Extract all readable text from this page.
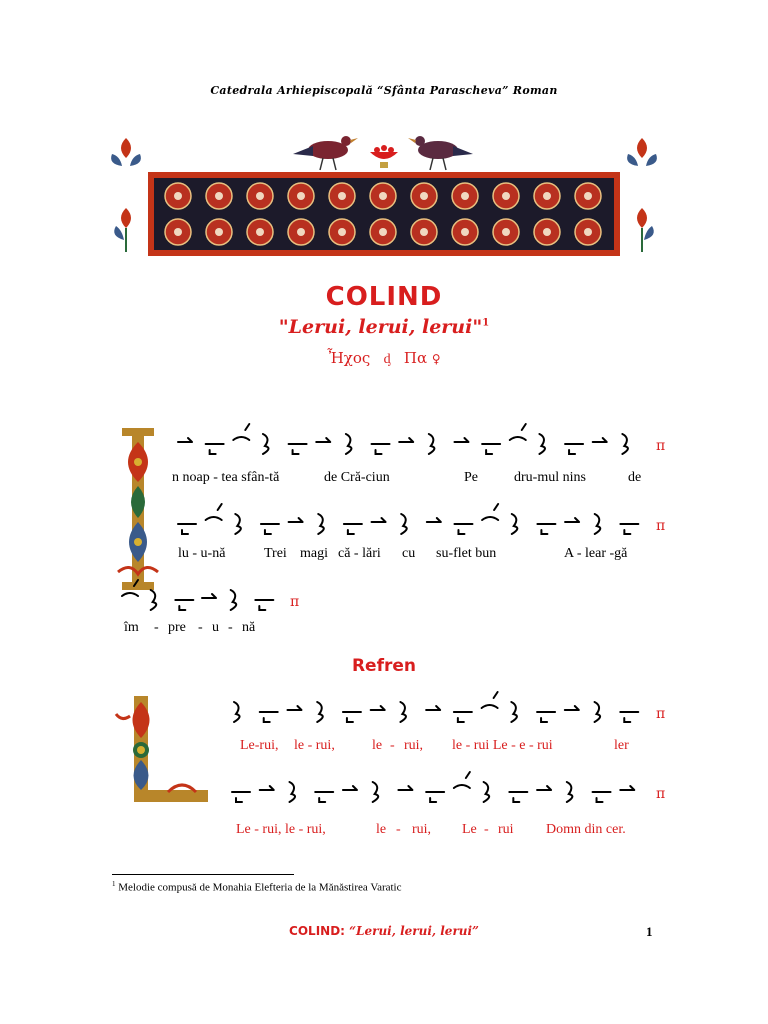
Catedrala Arhiepiscopală “Sfânta Parascheva” Roman
COLIND
"Lerui, lerui, lerui"$^1$
Ἦχος ᶁ Πα ♀
π
n noap - tea sfân-tă	de Cră-ciun	Pe	dru-mul nins	de
π
lu - u-nă	Trei magi că - lări cu su-flet bun	A - lear -gă
π
îm - pre - u - nă
Refren
π
Le-rui, le - rui,	le - rui, le - rui Le - e - rui	ler
π
Le - rui, le - rui,	le - rui, Le - rui Domn din cer.
$^1$ Melodie compusă de Monahia Elefteria de la Mănăstirea Varatic
COLIND: “Lerui, lerui, lerui”	1
